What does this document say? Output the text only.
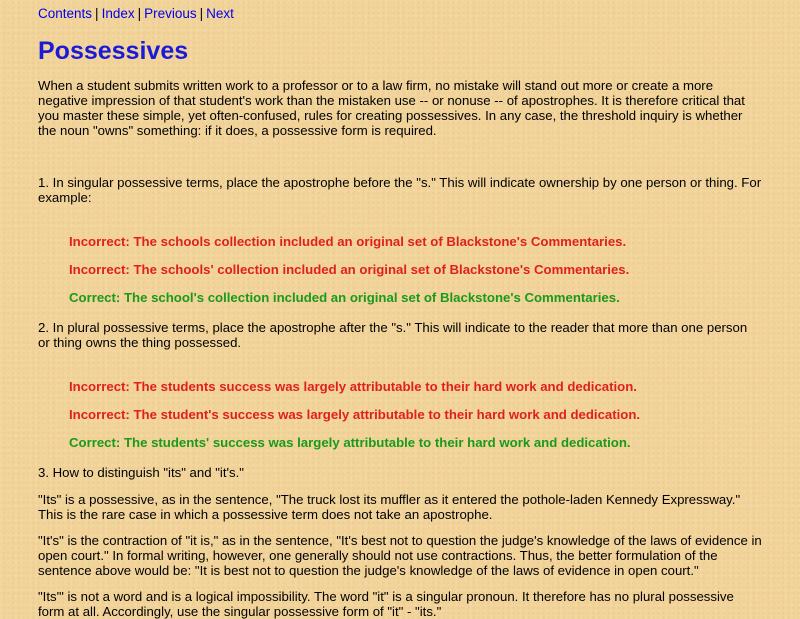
Contents | Index | Previous | Next
Possessives

When a student submits written work to a professor or to a law firm, no mistake will stand out more or create a more negative impression of that student's work than the mistaken use -- or nonuse -- of apostrophes. It is therefore critical that you master these simple, yet often-confused, rules for creating possessives. In any case, the threshold inquiry is whether the noun "owns" something: if it does, a possessive form is required.

1. In singular possessive terms, place the apostrophe before the "s." This will indicate ownership by one person or thing. For example:

Incorrect: The schools collection included an original set of Blackstone's Commentaries.

Incorrect: The schools' collection included an original set of Blackstone's Commentaries.

Correct: The school's collection included an original set of Blackstone's Commentaries.

2. In plural possessive terms, place the apostrophe after the "s." This will indicate to the reader that more than one person or thing owns the thing possessed.

Incorrect: The students success was largely attributable to their hard work and dedication.

Incorrect: The student's success was largely attributable to their hard work and dedication.

Correct: The students' success was largely attributable to their hard work and dedication.

3. How to distinguish "its" and "it's."

"Its" is a possessive, as in the sentence, "The truck lost its muffler as it entered the pothole-laden Kennedy Expressway." This is the rare case in which a possessive term does not take an apostrophe.

"It's" is the contraction of "it is," as in the sentence, "It's best not to question the judge's knowledge of the laws of evidence in open court." In formal writing, however, one generally should not use contractions. Thus, the better formulation of the sentence above would be: "It is best not to question the judge's knowledge of the laws of evidence in open court."

"Its'" is not a word and is a logical impossibility. The word "it" is a singular pronoun. It therefore has no plural possessive form at all. Accordingly, use the singular possessive form of "it" - "its."
